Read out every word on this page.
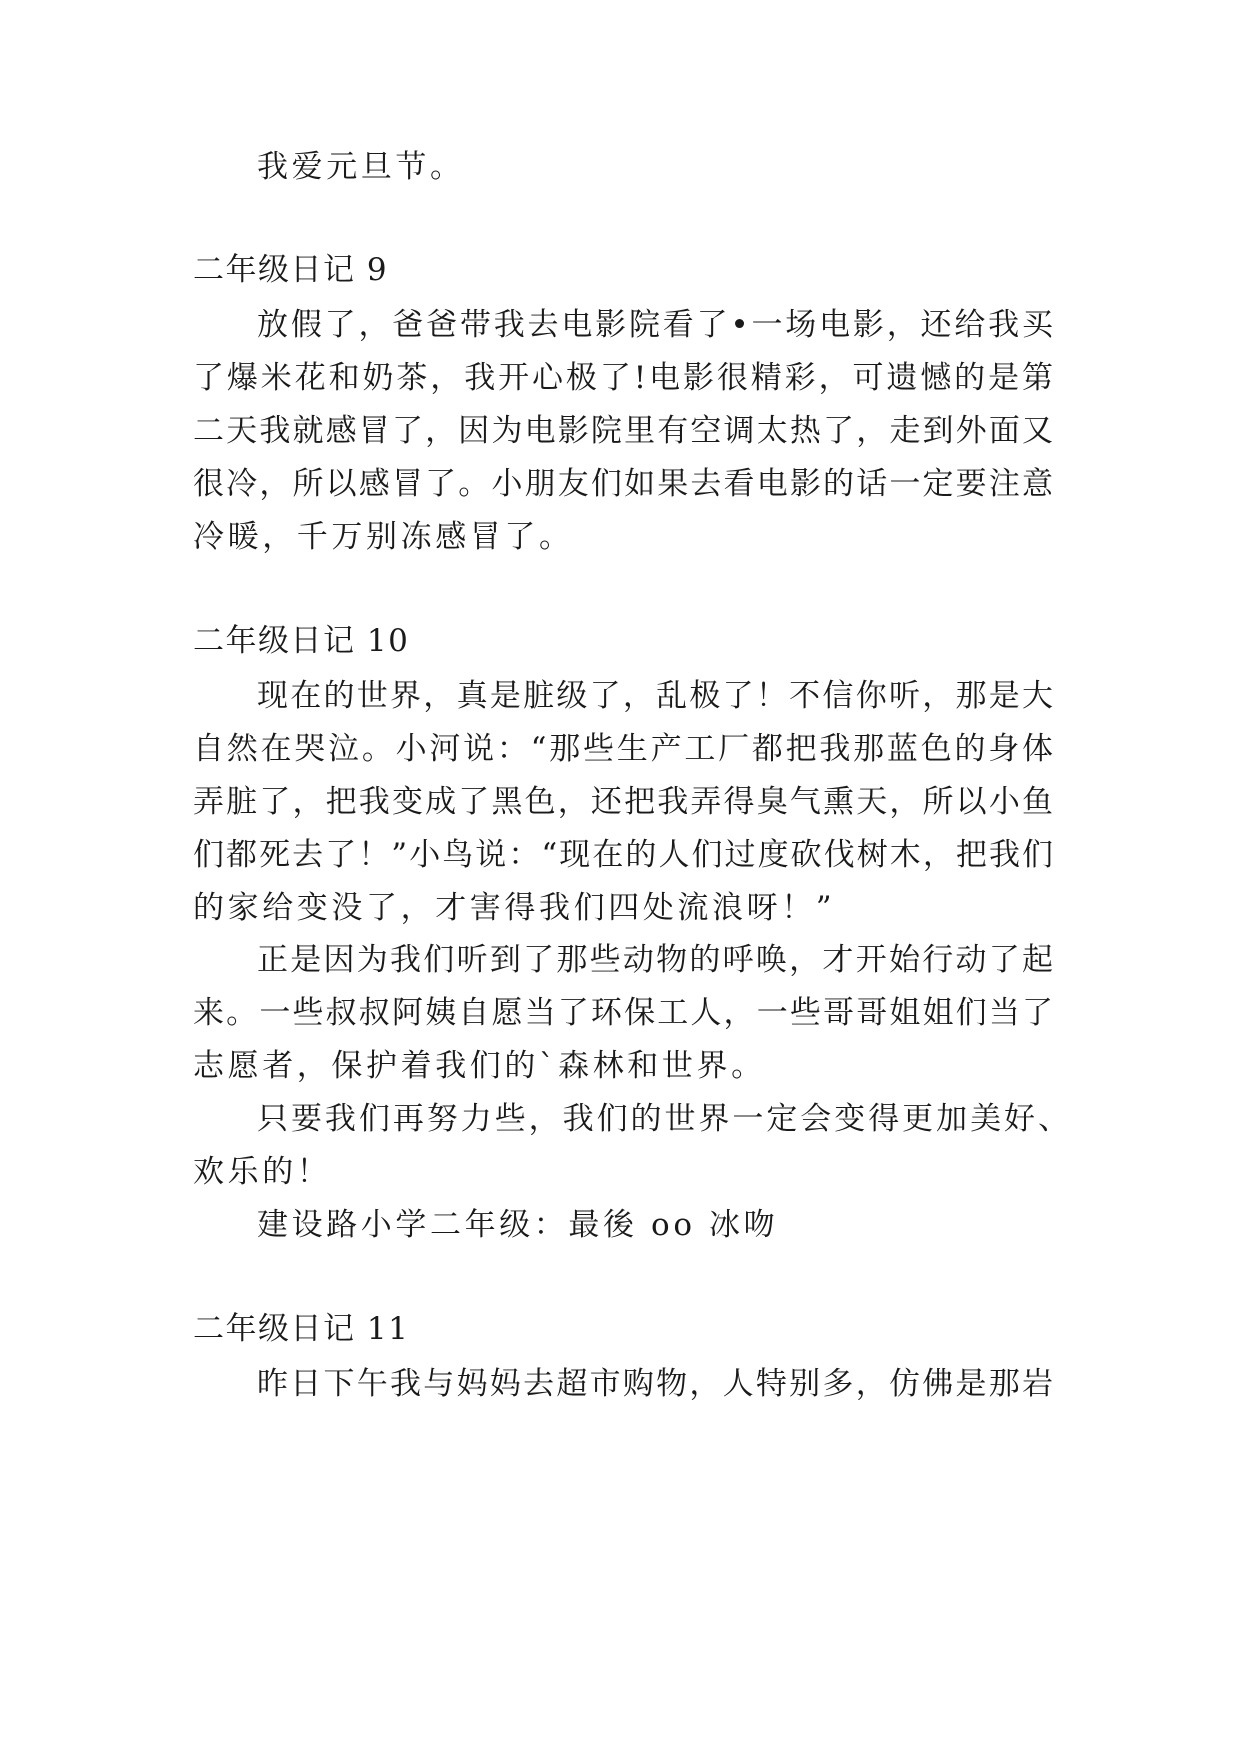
我爱元旦节。
二年级日记 9
放假了，爸爸带我去电影院看了•一场电影，还给我买
了爆米花和奶茶，我开心极了!电影很精彩，可遗憾的是第
二天我就感冒了，因为电影院里有空调太热了，走到外面又
很冷，所以感冒了。小朋友们如果去看电影的话一定要注意
冷暖，千万别冻感冒了。
二年级日记 10
现在的世界，真是脏级了，乱极了！不信你听，那是大
自然在哭泣。小河说：“那些生产工厂都把我那蓝色的身体
弄脏了，把我变成了黑色，还把我弄得臭气熏天，所以小鱼
们都死去了！”小鸟说：“现在的人们过度砍伐树木，把我们
的家给变没了，才害得我们四处流浪呀！”
正是因为我们听到了那些动物的呼唤，才开始行动了起
来。一些叔叔阿姨自愿当了环保工人，一些哥哥姐姐们当了
志愿者，保护着我们的`森林和世界。
只要我们再努力些，我们的世界一定会变得更加美好、
欢乐的！
建设路小学二年级：最後 oo 冰吻
二年级日记 11
昨日下午我与妈妈去超市购物，人特别多，仿佛是那岩
